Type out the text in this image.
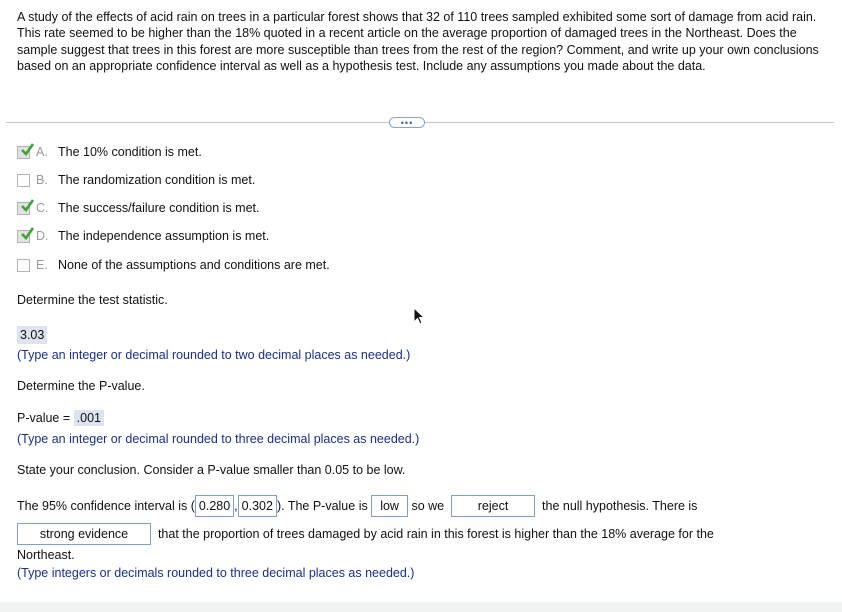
A study of the effects of acid rain on trees in a particular forest shows that 32 of 110 trees sampled exhibited some sort of damage from acid rain. This rate seemed to be higher than the 18% quoted in a recent article on the average proportion of damaged trees in the Northeast. Does the sample suggest that trees in this forest are more susceptible than trees from the rest of the region? Comment, and write up your own conclusions based on an appropriate confidence interval as well as a hypothesis test. Include any assumptions you made about the data.

•••
A. The 10% condition is met.
B. The randomization condition is met.
C. The success/failure condition is met.
D. The independence assumption is met.
E. None of the assumptions and conditions are met.
Determine the test statistic.
3.03
(Type an integer or decimal rounded to two decimal places as needed.)
Determine the P-value.
P-value = .001
(Type an integer or decimal rounded to three decimal places as needed.)
State your conclusion. Consider a P-value smaller than 0.05 to be low.
The 95% confidence interval is
( 0.280 , 0.302 ). The P-value is
low
so we
	reject
	the null hypothesis. There is
strong evidence
	that the proportion of trees damaged by acid rain in this forest is higher than the 18% average for the
Northeast.
(Type integers or decimals rounded to three decimal places as needed.)
